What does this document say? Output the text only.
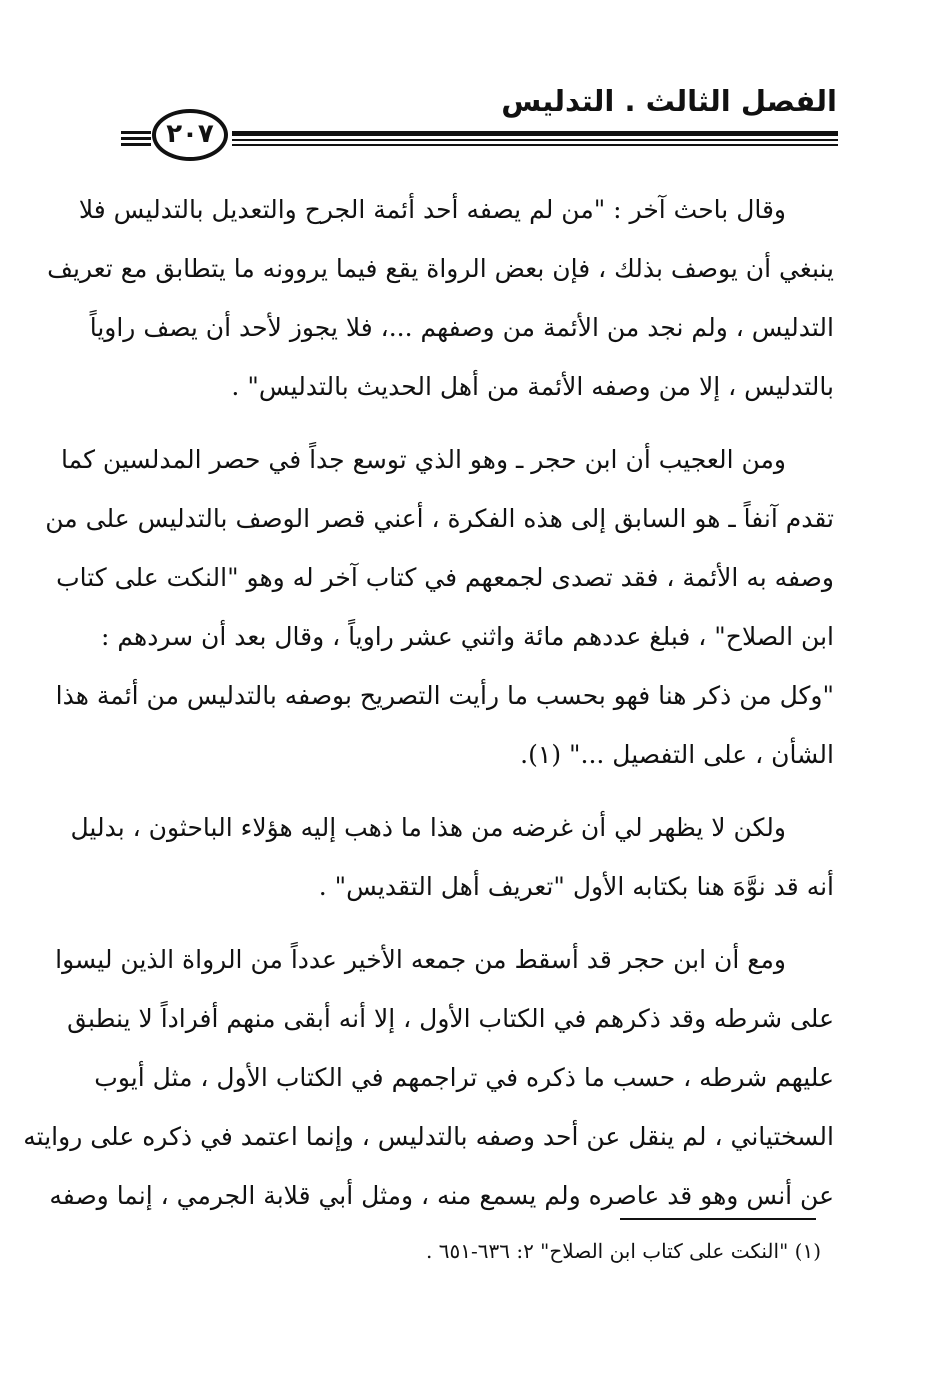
الفصل الثالث . التدليس
٢٠٧
وقال باحث آخر : "من لم يصفه أحد أئمة الجرح والتعديل بالتدليس فلا
ينبغي أن يوصف بذلك ، فإن بعض الرواة يقع فيما يروونه ما يتطابق مع تعريف
التدليس ، ولم نجد من الأئمة من وصفهم ...، فلا يجوز لأحد أن يصف راوياً
بالتدليس ، إلا من وصفه الأئمة من أهل الحديث بالتدليس" .
ومن العجيب أن ابن حجر ـ وهو الذي توسع جداً في حصر المدلسين كما
تقدم آنفاً ـ هو السابق إلى هذه الفكرة ، أعني قصر الوصف بالتدليس على من
وصفه به الأئمة ، فقد تصدى لجمعهم في كتاب آخر له وهو "النكت على كتاب
ابن الصلاح" ، فبلغ عددهم مائة واثني عشر راوياً ، وقال بعد أن سردهم :
"وكل من ذكر هنا فهو بحسب ما رأيت التصريح بوصفه بالتدليس من أئمة هذا
الشأن ، على التفصيل ..." (١).
ولكن لا يظهر لي أن غرضه من هذا ما ذهب إليه هؤلاء الباحثون ، بدليل
أنه قد نوَّهَ هنا بكتابه الأول "تعريف أهل التقديس" .
ومع أن ابن حجر قد أسقط من جمعه الأخير عدداً من الرواة الذين ليسوا
على شرطه وقد ذكرهم في الكتاب الأول ، إلا أنه أبقى منهم أفراداً لا ينطبق
عليهم شرطه ، حسب ما ذكره في تراجمهم في الكتاب الأول ، مثل أيوب
السختياني ، لم ينقل عن أحد وصفه بالتدليس ، وإنما اعتمد في ذكره على روايته
عن أنس وهو قد عاصره ولم يسمع منه ، ومثل أبي قلابة الجرمي ، إنما وصفه
(١) "النكت على كتاب ابن الصلاح" ٢: ٦٣٦-٦٥١ .
